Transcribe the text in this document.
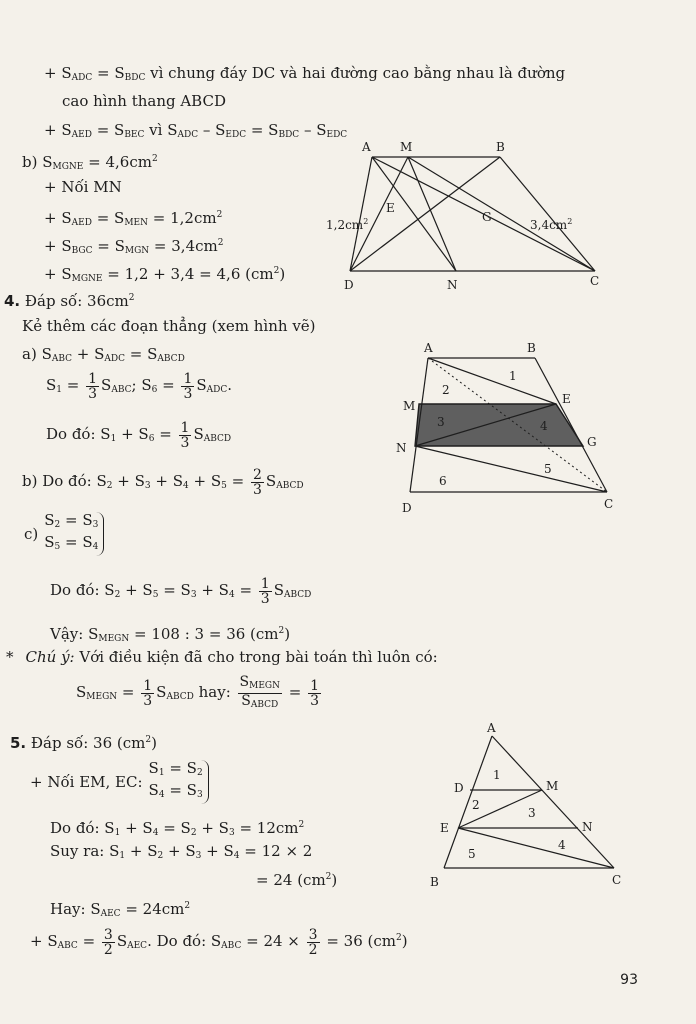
+ $S_{ADC} = S_{BDC}$ vì chung đáy DC và hai đường cao bằng nhau là đường
cao hình thang ABCD
+ $S_{AED} = S_{BEC}$ vì $S_{ADC} - S_{EDC} = S_{BDC} - S_{EDC}$
b) $S_{MGNE} = 4,6cm^2$
+ Nối MN
+ $S_{AED} = S_{MEN} = 1,2cm^2$
+ $S_{BGC} = S_{MGN} = 3,4cm^2$
+ $S_{MGNE} = 1,2 + 3,4 = 4,6$ $(cm^2)$
A M	B
E
G
D	N	C
$1,2cm^2$	$3,4cm^2$
4. Đáp số: $36cm^2$
Kẻ thêm các đoạn thẳng (xem hình vẽ)
a) $S_{ABC} + S_{ADC} = S_{ABCD}$
$S_1 = \frac{1}{3} S_{ABC}$; $S_6 = \frac{1}{3} S_{ADC}$.
Do đó: $S_1 + S_6 = \frac{1}{3} S_{ABCD}$
b) Do đó: $S_2 + S_3 + S_4 + S_5 = \frac{2}{3} S_{ABCD}$
c)
$S_2 = S_3$
$S_5 = S_4$
Do đó: $S_2 + S_5 = S_3 + S_4 = \frac{1}{3} S_{ABCD}$
Vậy: $S_{MEGN} = 108$ : 3 = 36 $(cm^2)$
* Chú ý: Với điều kiện đã cho trong bài toán thì luôn có:
$S_{MEGN} = \frac{1}{3} S_{ABCD}$ hay: $\frac{S_{MEGN}}{S_{ABCD}} = \frac{1}{3}$
A	B
M	E
N	G
D	C
1
2
3	4
5
6
5. Đáp số: 36 $(cm^2)$
+ Nối EM, EC:
$S_1 = S_2$
$S_4 = S_3$
Do đó: $S_1 + S_4 = S_2 + S_3 = 12cm^2$
Suy ra: $S_1 + S_2 + S_3 + S_4 = 12 \times 2$
= 24 $(cm^2)$
Hay: $S_{AEC} = 24cm^2$
+ $S_{ABC} = \frac{3}{2} S_{AEC}$. Do đó: $S_{ABC} = 24 \times \frac{3}{2} = 36$ $(cm^2)$
A
D	M
E	N
B	C
1
2
3
4
5
93
